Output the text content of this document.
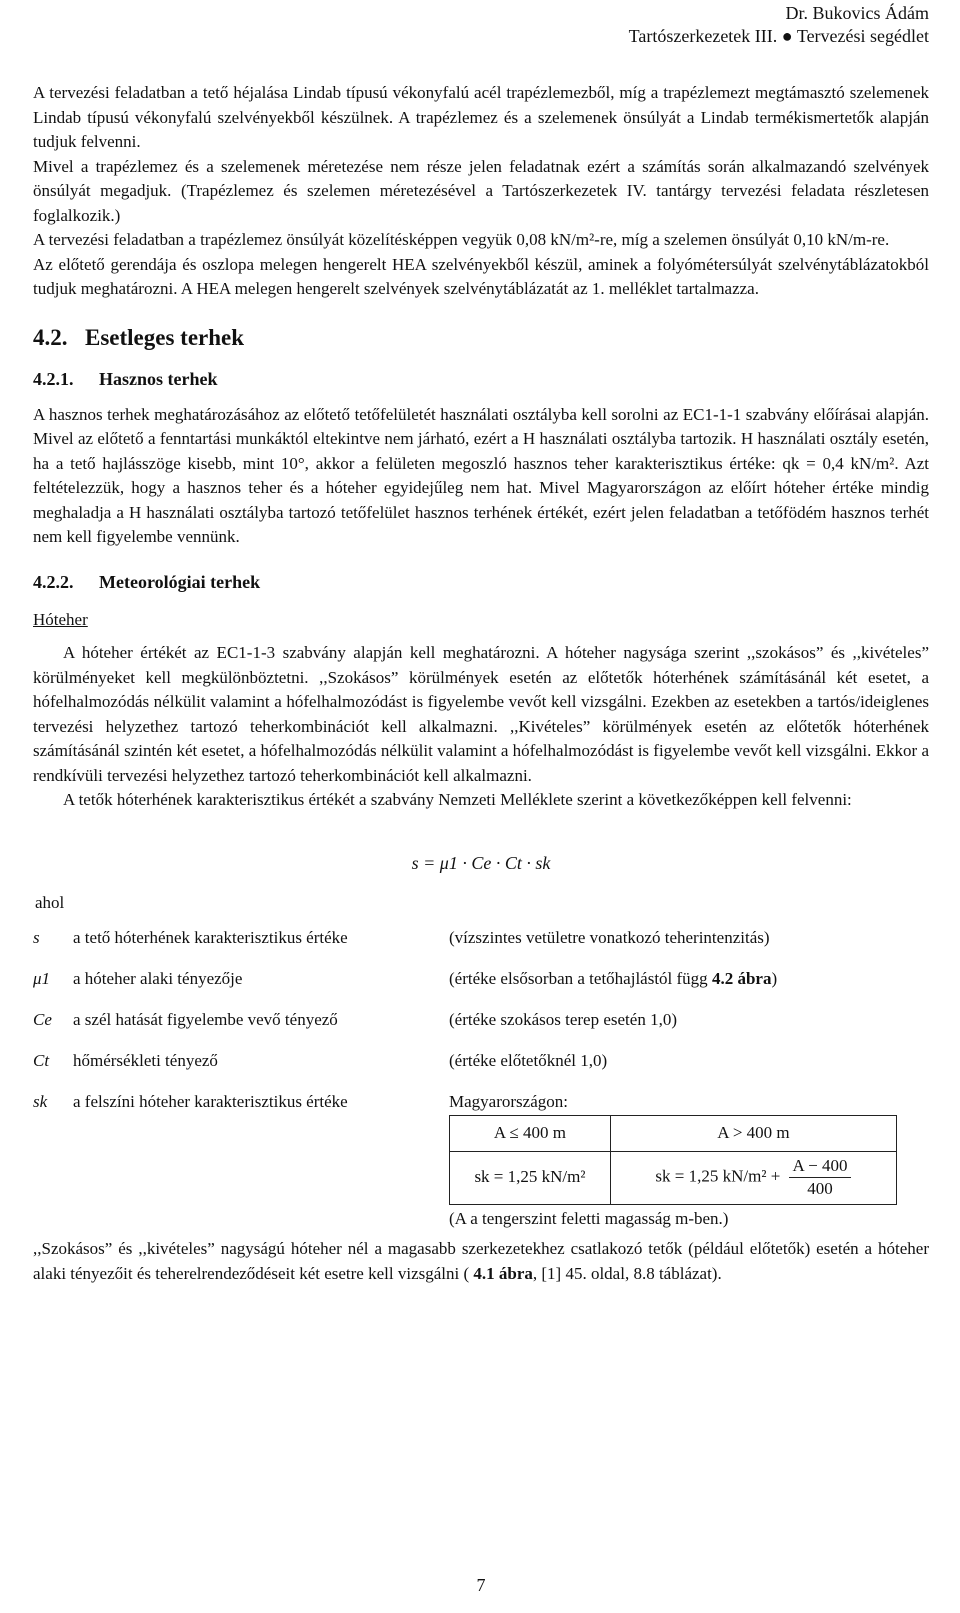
Dr. Bukovics Ádám
Tartószerkezetek III. ● Tervezési segédlet

A tervezési feladatban a tető héjalása Lindab típusú vékonyfalú acél trapézlemezből, míg a trapézlemezt megtámasztó szelemenek Lindab típusú vékonyfalú szelvényekből készülnek. A trapézlemez és a szelemenek önsúlyát a Lindab termékismertetők alapján tudjuk felvenni.

Mivel a trapézlemez és a szelemenek méretezése nem része jelen feladatnak ezért a számítás során alkalmazandó szelvények önsúlyát megadjuk. (Trapézlemez és szelemen méretezésével a Tartószerkezetek IV. tantárgy tervezési feladata részletesen foglalkozik.)

A tervezési feladatban a trapézlemez önsúlyát közelítésképpen vegyük 0,08 kN/m²-re, míg a szelemen önsúlyát 0,10 kN/m-re.

Az előtető gerendája és oszlopa melegen hengerelt HEA szelvényekből készül, aminek a folyómétersúlyát szelvénytáblázatokból tudjuk meghatározni. A HEA melegen hengerelt szelvények szelvénytáblázatát az 1. melléklet tartalmazza.

4.2. Esetleges terhek
4.2.1. Hasznos terhek

A hasznos terhek meghatározásához az előtető tetőfelületét használati osztályba kell sorolni az EC1-1-1 szabvány előírásai alapján. Mivel az előtető a fenntartási munkáktól eltekintve nem járható, ezért a H használati osztályba tartozik. H használati osztály esetén, ha a tető hajlásszöge kisebb, mint 10°, akkor a felületen megoszló hasznos teher karakterisztikus értéke: qk = 0,4 kN/m². Azt feltételezzük, hogy a hasznos teher és a hóteher egyidejűleg nem hat. Mivel Magyarországon az előírt hóteher értéke mindig meghaladja a H használati osztályba tartozó tetőfelület hasznos terhének értékét, ezért jelen feladatban a tetőfödém hasznos terhét nem kell figyelembe vennünk.

4.2.2. Meteorológiai terhek
Hóteher

A hóteher értékét az EC1-1-3 szabvány alapján kell meghatározni. A hóteher nagysága szerint ,,szokásos” és ,,kivételes” körülményeket kell megkülönböztetni. ,,Szokásos” körülmények esetén az előtetők hóterhének számításánál két esetet, a hófelhalmozódás nélkülit valamint a hófelhalmozódást is figyelembe vevőt kell vizsgálni. Ezekben az esetekben a tartós/ideiglenes tervezési helyzethez tartozó teherkombinációt kell alkalmazni. ,,Kivételes” körülmények esetén az előtetők hóterhének számításánál szintén két esetet, a hófelhalmozódás nélkülit valamint a hófelhalmozódást is figyelembe vevőt kell vizsgálni. Ekkor a rendkívüli tervezési helyzethez tartozó teherkombinációt kell alkalmazni.

A tetők hóterhének karakterisztikus értékét a szabvány Nemzeti Melléklete szerint a következőképpen kell felvenni:

s = μ1 · Ce · Ct · sk
ahol
s	a tető hóterhének karakterisztikus értéke	(vízszintes vetületre vonatkozó teherintenzitás)
μ1	a hóteher alaki tényezője	(értéke elsősorban a tetőhajlástól függ 4.2 ábra)
Ce	a szél hatását figyelembe vevő tényező	(értéke szokásos terep esetén 1,0)
Ct	hőmérsékleti tényező	(értéke előtetőknél 1,0)
sk	a felszíni hóteher karakterisztikus értéke	Magyarországon:
A ≤ 400 m	A > 400 m
sk = 1,25 kN/m²	sk = 1,25 $kN/m^2 + \frac{A - 400}{400}$
(A a tengerszint feletti magasság m-ben.)

,,Szokásos” és ,,kivételes” nagyságú hóteher nél a magasabb szerkezetekhez csatlakozó tetők (például előtetők) esetén a hóteher alaki tényezőit és teherelrendeződéseit két esetre kell vizsgálni ( 4.1 ábra, [1] 45. oldal, 8.8 táblázat).

7
